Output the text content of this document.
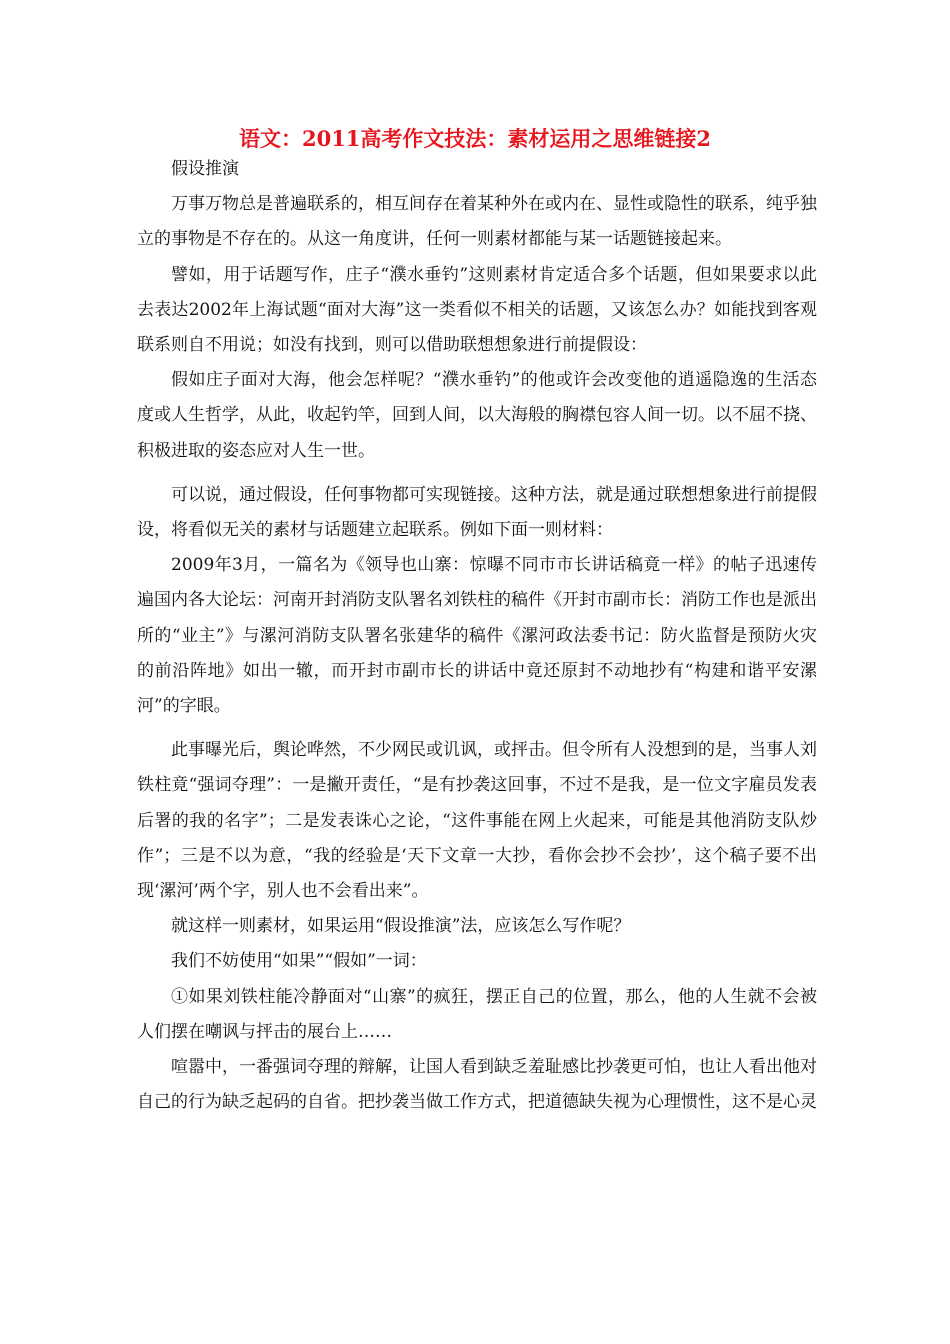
语文：2011高考作文技法：素材运用之思维链接2

假设推演

万事万物总是普遍联系的，相互间存在着某种外在或内在、显性或隐性的联系，纯乎独立的事物是不存在的。从这一角度讲，任何一则素材都能与某一话题链接起来。

譬如，用于话题写作，庄子“濮水垂钓”这则素材肯定适合多个话题，但如果要求以此去表达2002年上海试题“面对大海”这一类看似不相关的话题，又该怎么办？如能找到客观联系则自不用说；如没有找到，则可以借助联想想象进行前提假设：

假如庄子面对大海，他会怎样呢？“濮水垂钓”的他或许会改变他的逍遥隐逸的生活态度或人生哲学，从此，收起钓竿，回到人间，以大海般的胸襟包容人间一切。以不屈不挠、积极进取的姿态应对人生一世。

可以说，通过假设，任何事物都可实现链接。这种方法，就是通过联想想象进行前提假设，将看似无关的素材与话题建立起联系。例如下面一则材料：

2009年3月，一篇名为《领导也山寨：惊曝不同市市长讲话稿竟一样》的帖子迅速传遍国内各大论坛：河南开封消防支队署名刘铁柱的稿件《开封市副市长：消防工作也是派出所的“业主”》与漯河消防支队署名张建华的稿件《漯河政法委书记：防火监督是预防火灾的前沿阵地》如出一辙，而开封市副市长的讲话中竟还原封不动地抄有“构建和谐平安漯河”的字眼。

此事曝光后，舆论哗然，不少网民或讥讽，或抨击。但令所有人没想到的是，当事人刘铁柱竟“强词夺理”：一是撇开责任，“是有抄袭这回事，不过不是我，是一位文字雇员发表后署的我的名字”；二是发表诛心之论，“这件事能在网上火起来，可能是其他消防支队炒作”；三是不以为意，“我的经验是‘天下文章一大抄，看你会抄不会抄’，这个稿子要不出现‘漯河’两个字，别人也不会看出来”。

就这样一则素材，如果运用“假设推演”法，应该怎么写作呢？

我们不妨使用“如果”“假如”一词：

①如果刘铁柱能冷静面对“山寨”的疯狂，摆正自己的位置，那么，他的人生就不会被人们摆在嘲讽与抨击的展台上……

喧嚣中，一番强词夺理的辩解，让国人看到缺乏羞耻感比抄袭更可怕，也让人看出他对自己的行为缺乏起码的自省。把抄袭当做工作方式，把道德缺失视为心理惯性，这不是心灵
